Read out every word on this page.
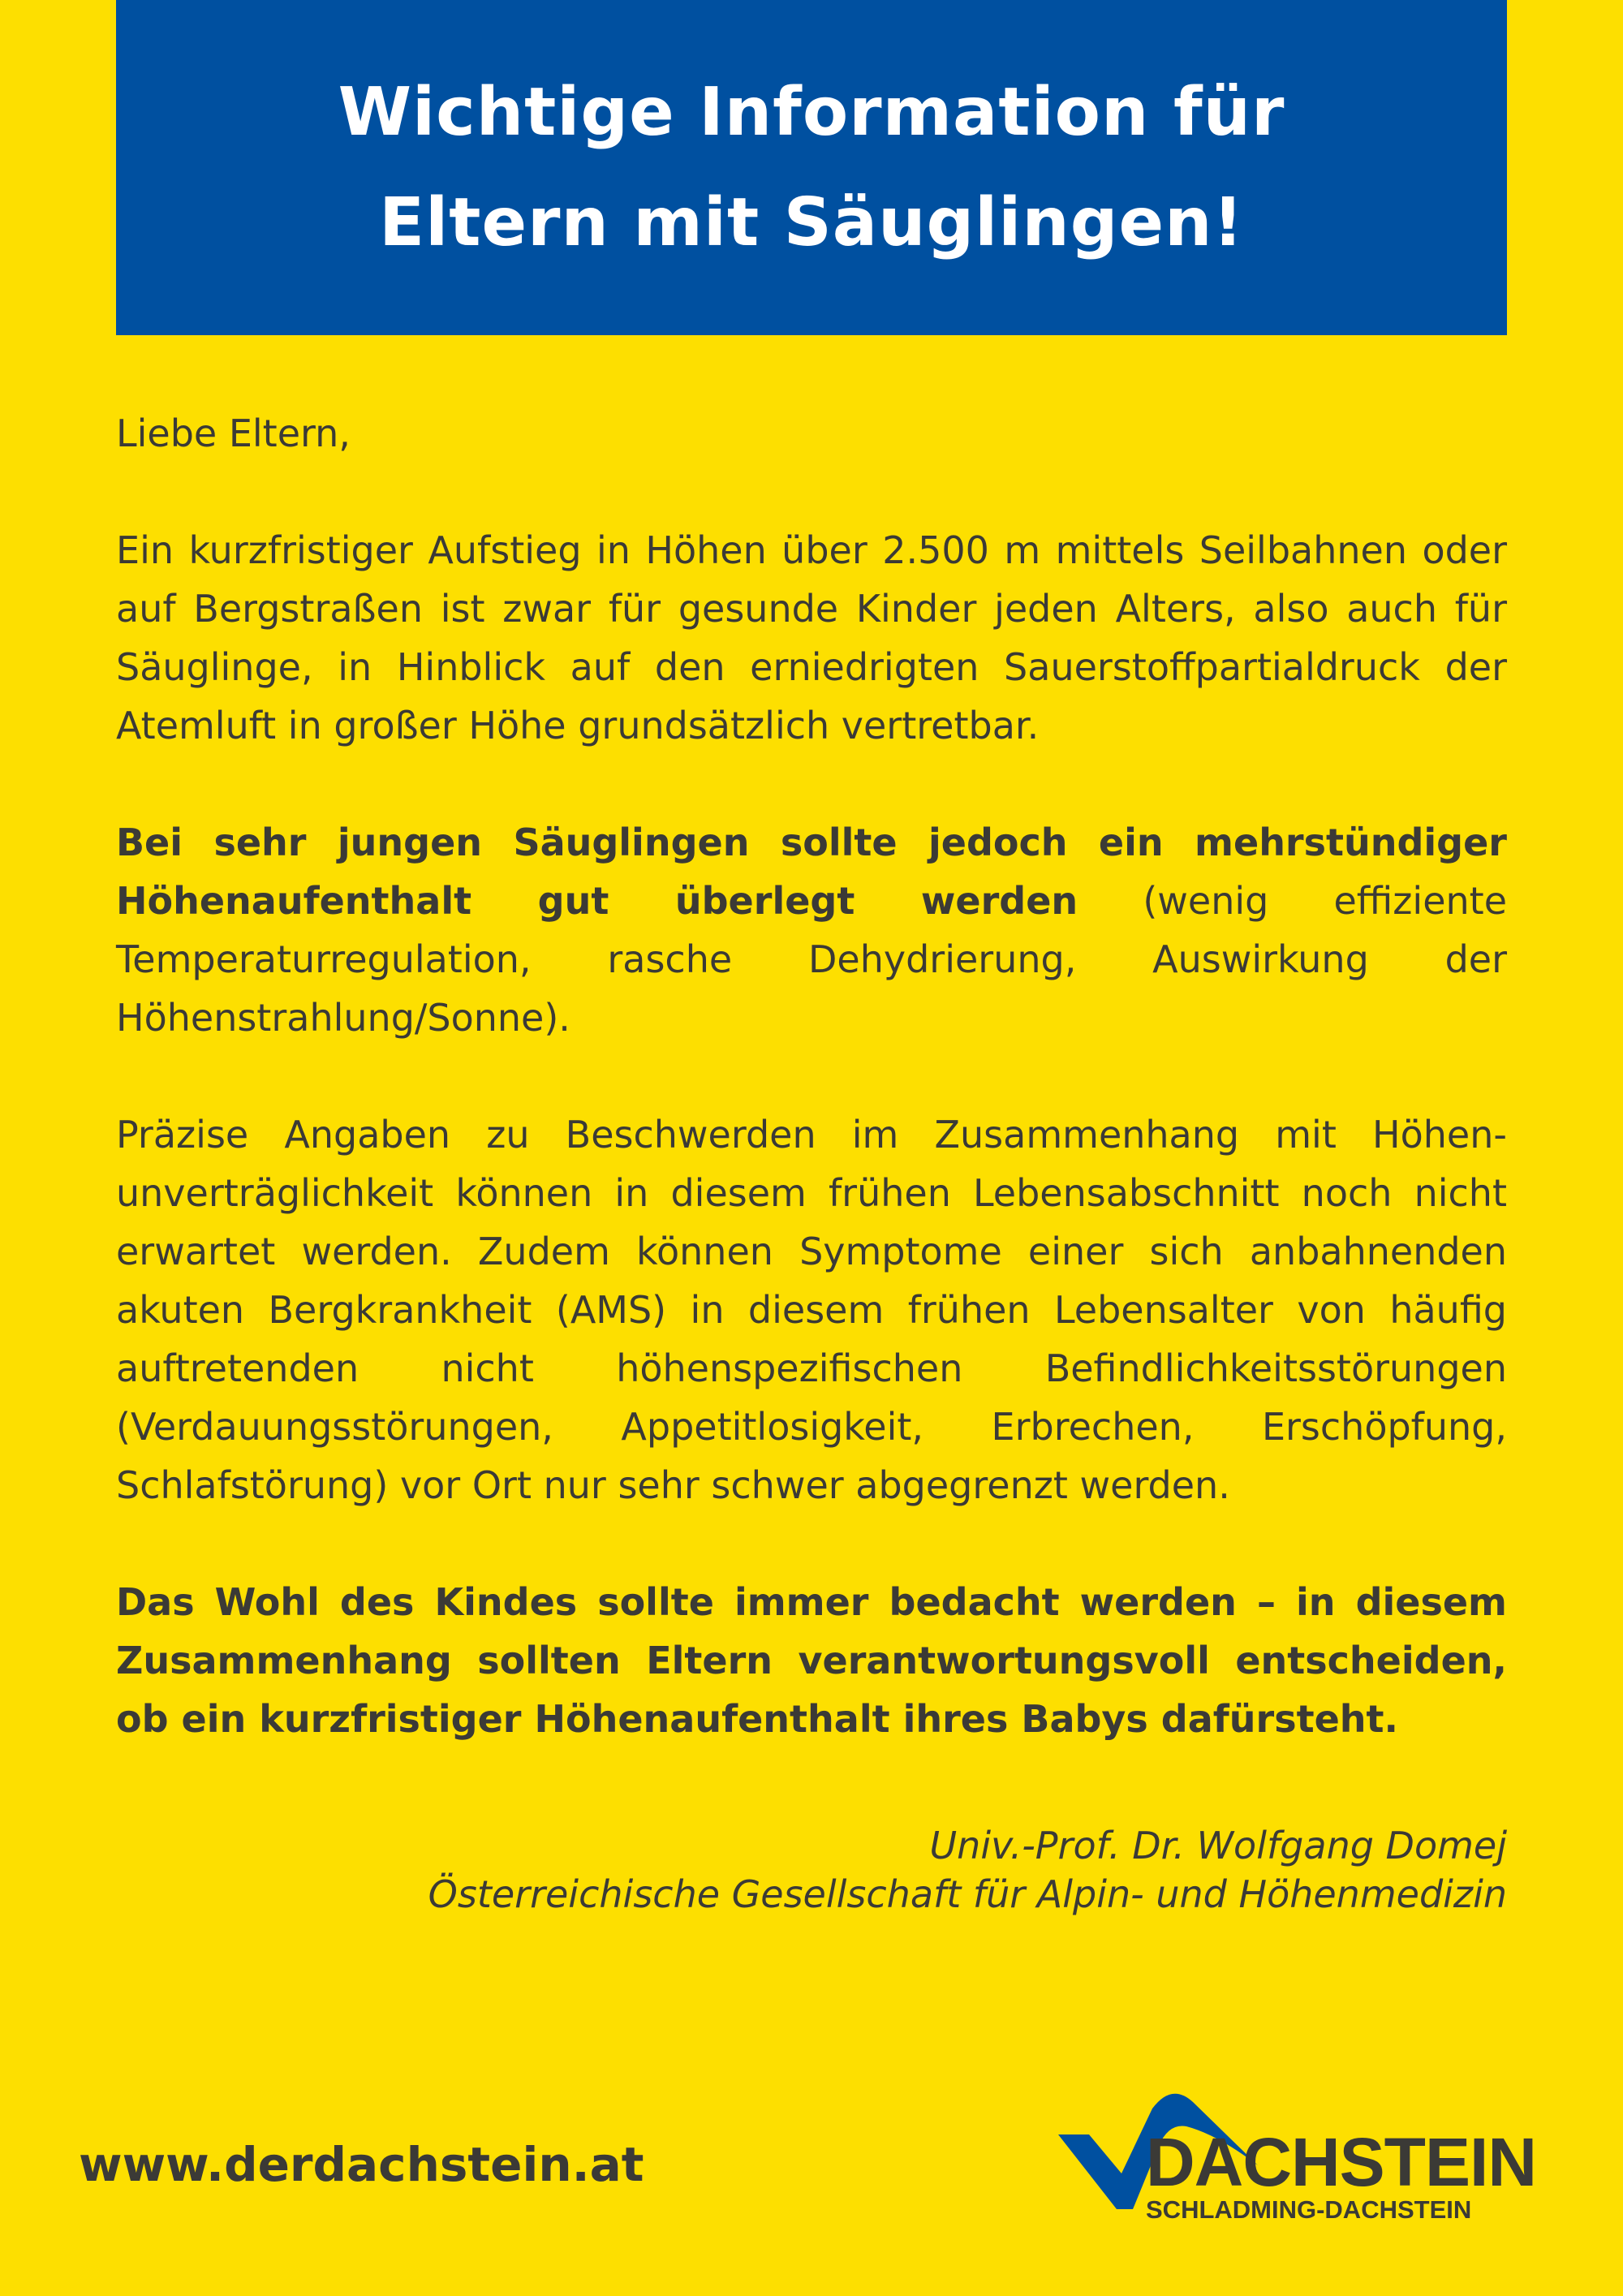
Wichtige Information für
Eltern mit Säuglingen!

Liebe Eltern,

Ein kurzfristiger Aufstieg in Höhen über 2.500 m mittels Seilbahnen oder auf Bergstraßen ist zwar für gesunde Kinder jeden Alters, also auch für Säuglinge, in Hinblick auf den erniedrigten Sauerstoffpartialdruck der Atemluft in großer Höhe grundsätzlich vertretbar.

Bei sehr jungen Säuglingen sollte jedoch ein mehrstündiger Höhenaufenthalt gut überlegt werden (wenig effiziente Temperaturregulation, rasche Dehydrierung, Auswirkung der Höhenstrahlung/Sonne).

Präzise Angaben zu Beschwerden im Zusammenhang mit Höhenunverträglichkeit können in diesem frühen Lebensabschnitt noch nicht erwartet werden. Zudem können Symptome einer sich anbahnenden akuten Bergkrankheit (AMS) in diesem frühen Lebensalter von häufig auftretenden nicht höhenspezifischen Befindlichkeitsstörungen (Verdauungsstörungen, Appetitlosigkeit, Erbrechen, Erschöpfung, Schlafstörung) vor Ort nur sehr schwer abgegrenzt werden.

Das Wohl des Kindes sollte immer bedacht werden – in diesem Zusammenhang sollten Eltern verantwortungsvoll entscheiden, ob ein kurzfristiger Höhenaufenthalt ihres Babys dafürsteht.

Univ.-Prof. Dr. Wolfgang Domej
Österreichische Gesellschaft für Alpin- und Höhenmedizin
www.derdachstein.at	DACHSTEIN
SCHLADMING-DACHSTEIN
